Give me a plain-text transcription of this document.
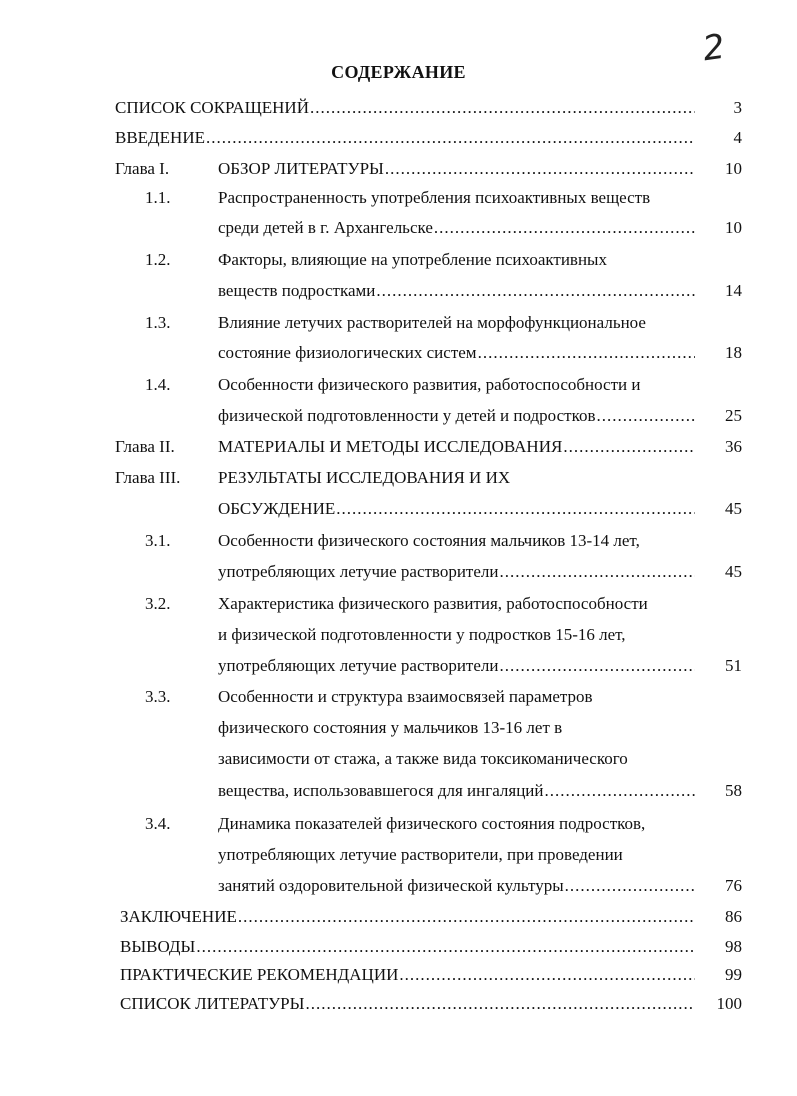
2
СОДЕРЖАНИЕ
СПИСОК СОКРАЩЕНИЙ .....	3
ВВЕДЕНИЕ .....	4
Глава I.	ОБЗОР ЛИТЕРАТУРЫ .....	10
1.1.	Распространенность употребления психоактивных веществ
среди детей в г. Архангельске .....	10
1.2.	Факторы, влияющие на употребление психоактивных
веществ подростками .....	14
1.3.	Влияние летучих растворителей на морфофункциональное
состояние физиологических систем .....	18
1.4.	Особенности физического развития, работоспособности и
физической подготовленности у детей и подростков .....	25
Глава II.	МАТЕРИАЛЫ И МЕТОДЫ ИССЛЕДОВАНИЯ .....	36
Глава III. РЕЗУЛЬТАТЫ ИССЛЕДОВАНИЯ И ИХ
ОБСУЖДЕНИЕ .....	45
3.1.	Особенности физического состояния мальчиков 13-14 лет,
употребляющих летучие растворители .....	45
3.2.	Характеристика физического развития, работоспособности
и физической подготовленности у подростков 15-16 лет,
употребляющих летучие растворители .....	51
3.3.	Особенности и структура взаимосвязей параметров
физического состояния у мальчиков 13-16 лет в
зависимости от стажа, а также вида токсикоманического
вещества, использовавшегося для ингаляций .....	58
3.4.	Динамика показателей физического состояния подростков,
употребляющих летучие растворители, при проведении
занятий оздоровительной физической культуры .....	76
ЗАКЛЮЧЕНИЕ .....	86
ВЫВОДЫ .....	98
ПРАКТИЧЕСКИЕ РЕКОМЕНДАЦИИ .....	99
СПИСОК ЛИТЕРАТУРЫ .....	100
